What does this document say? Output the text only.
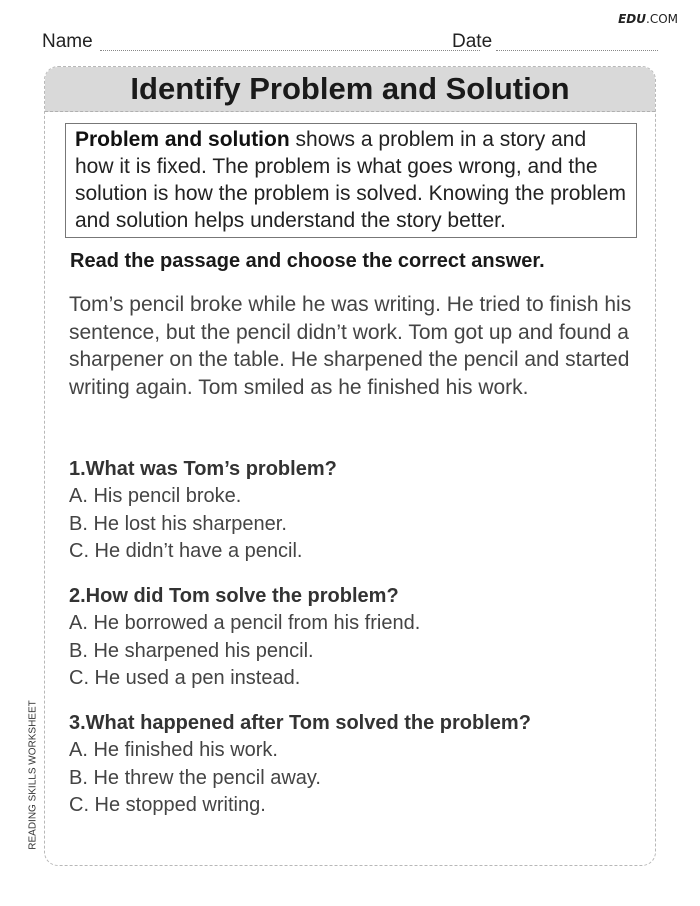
EDU.COM
Name	Date
Identify Problem and Solution
Problem and solution shows a problem in a story and how it is fixed. The problem is what goes wrong, and the solution is how the problem is solved. Knowing the problem and solution helps understand the story better.
Read the passage and choose the correct answer.
Tom’s pencil broke while he was writing. He tried to finish his sentence, but the pencil didn’t work. Tom got up and found a sharpener on the table. He sharpened the pencil and started writing again. Tom smiled as he finished his work.
1.What was Tom’s problem?
A. His pencil broke.
B. He lost his sharpener.
C. He didn’t have a pencil.
2.How did Tom solve the problem?
A. He borrowed a pencil from his friend.
B. He sharpened his pencil.
C. He used a pen instead.
3.What happened after Tom solved the problem?
A. He finished his work.
B. He threw the pencil away.
C. He stopped writing.
READING SKILLS WORKSHEET
